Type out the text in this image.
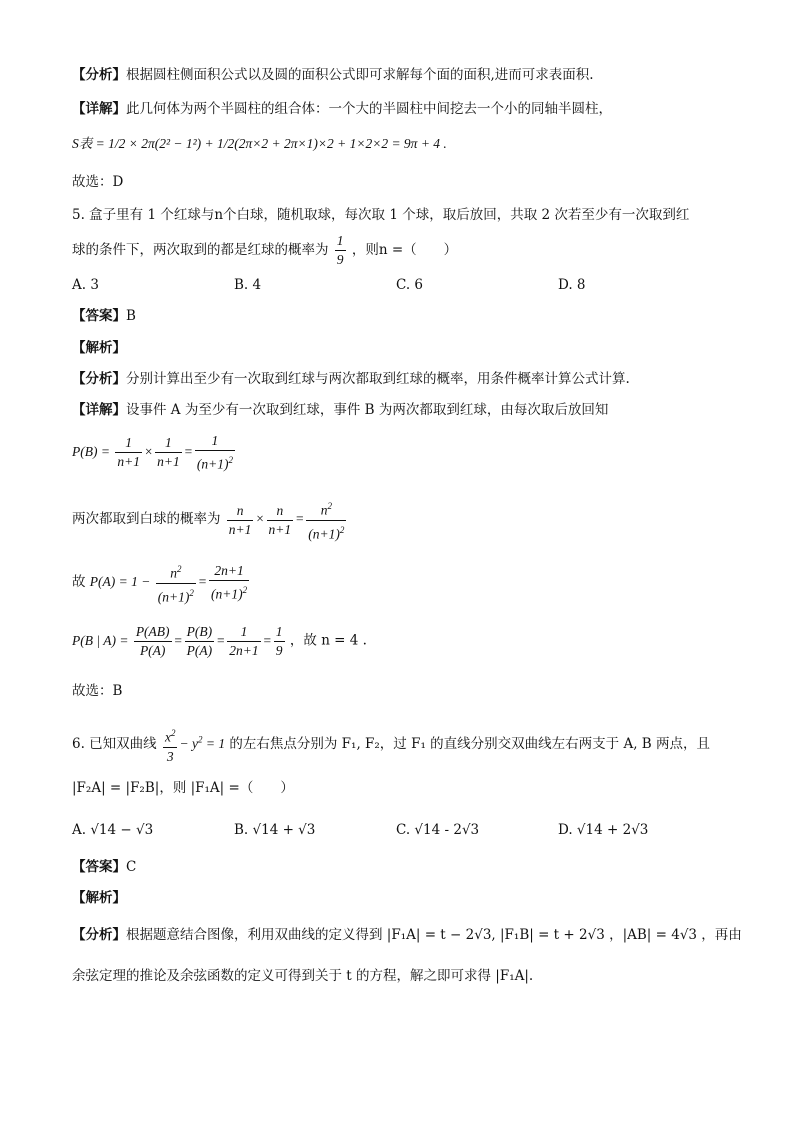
【分析】根据圆柱侧面积公式以及圆的面积公式即可求解每个面的面积,进而可求表面积.
【详解】此几何体为两个半圆柱的组合体：一个大的半圆柱中间挖去一个小的同轴半圆柱，
S表 = 1/2 × 2π(2² − 1²) + 1/2(2π×2 + 2π×1)×2 + 1×2×2 = 9π + 4 .
故选：D
5. 盒子里有 1 个红球与n个白球，随机取球，每次取 1 个球，取后放回，共取 2 次若至少有一次取到红
球的条件下，两次取到的都是红球的概率为 $\frac{1}{9}$ ，则n =（　　）
A. 3	B. 4	C. 6	D. 8
【答案】B
【解析】
【分析】分别计算出至少有一次取到红球与两次都取到红球的概率，用条件概率计算公式计算.
【详解】设事件 A 为至少有一次取到红球，事件 B 为两次都取到红球，由每次取后放回知
$P(B) = \frac{1}{n+1} \times \frac{1}{n+1} = \frac{1}{(n+1)^2}$
两次都取到白球的概率为 $\frac{n}{n+1} \times \frac{n}{n+1} = \frac{n^2}{(n+1)^2}$
故 $P(A) = 1 - \frac{n^2}{(n+1)^2} = \frac{2n+1}{(n+1)^2}$
P(B | $A) = \frac{P(AB)}{P(A)} = \frac{P(B)}{P(A)} = \frac{1}{2n+1} = \frac{1}{9}$ ，故 n = 4 .
故选：B
6. 已知双曲线 $\frac{x^2}{3} - y^2 = 1$ 的左右焦点分别为 F₁, F₂，过 F₁ 的直线分别交双曲线左右两支于 A, B 两点，且
|F₂A| = |F₂B|，则 |F₁A| =（　　）
A. √14 − √3	B. √14 + √3	C. √14 - 2√3	D. √14 + 2√3
【答案】C
【解析】
【分析】根据题意结合图像，利用双曲线的定义得到 |F₁A| = t − 2√3, |F₁B| = t + 2√3 ，|AB| = 4√3 ，再由
余弦定理的推论及余弦函数的定义可得到关于 t 的方程，解之即可求得 |F₁A|.
